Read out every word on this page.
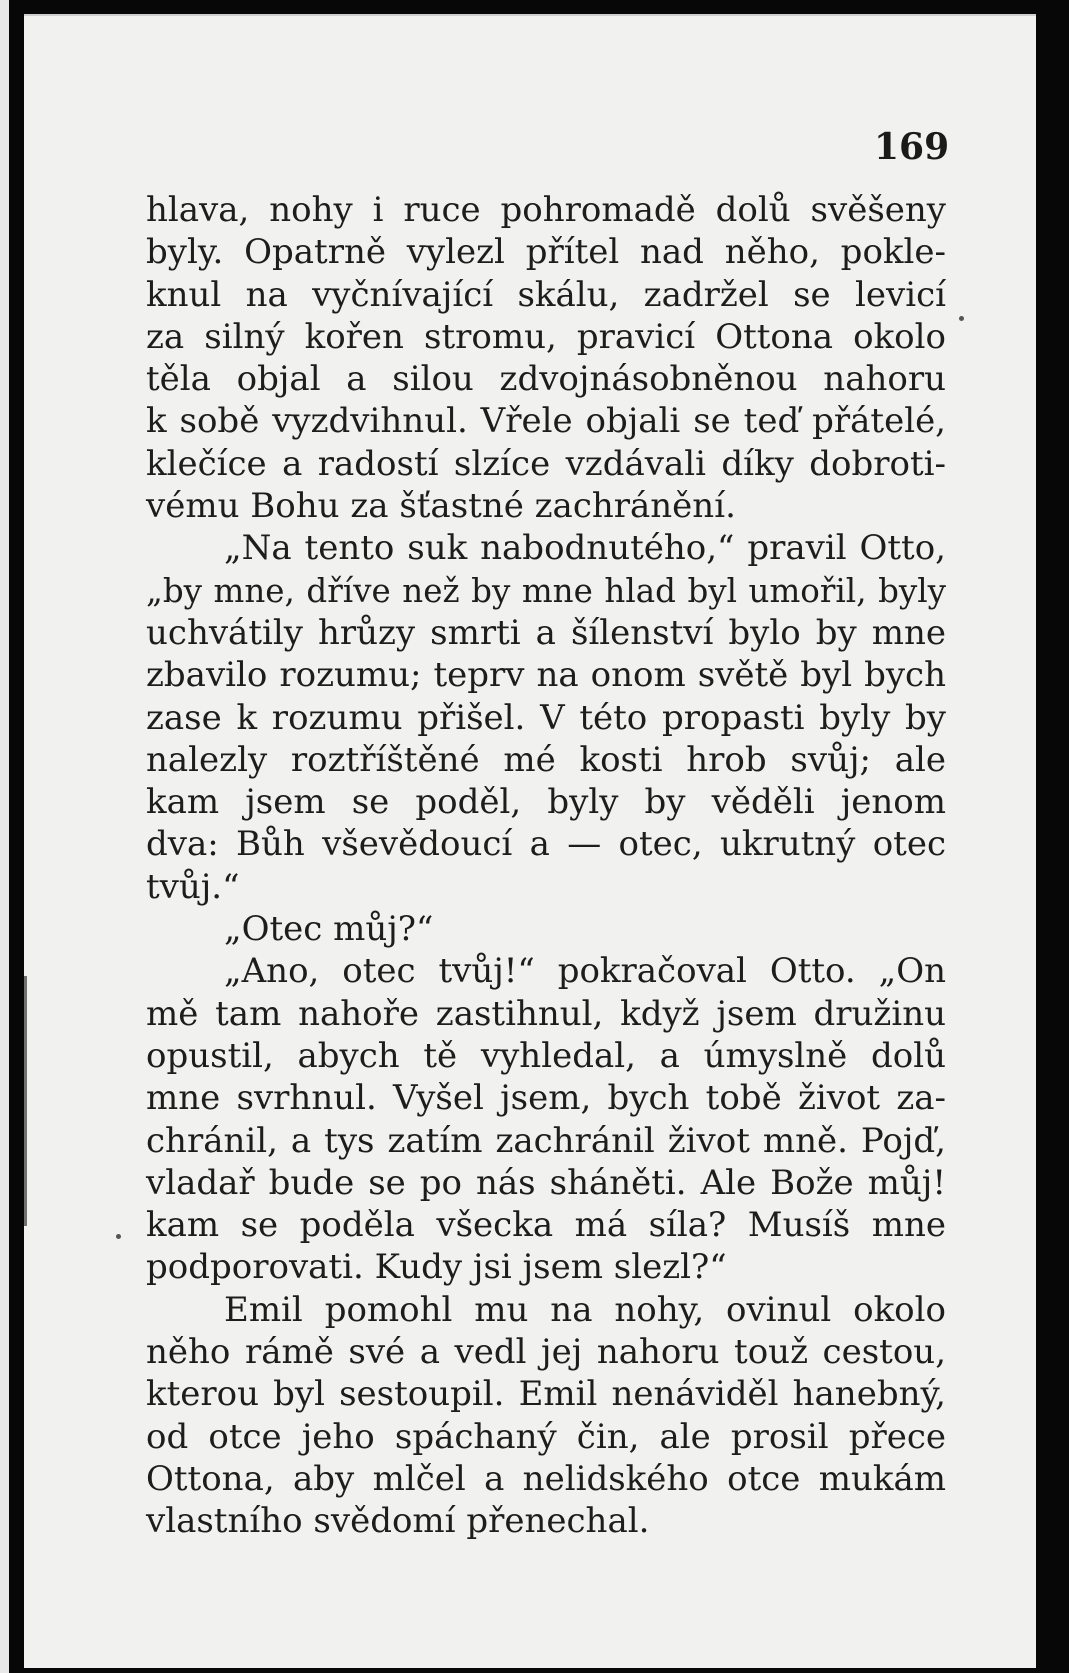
169

hlava, nohy i ruce pohromadě dolů svěšeny
byly. Opatrně vylezl přítel nad něho, pokle-
knul na vyčnívající skálu, zadržel se levicí
za silný kořen stromu, pravicí Ottona okolo
těla objal a silou zdvojnásobněnou nahoru
k sobě vyzdvihnul. Vřele objali se teď přátelé,
klečíce a radostí slzíce vzdávali díky dobroti-
vému Bohu za šťastné zachránění.
„Na tento suk nabodnutého,“ pravil Otto,
„by mne, dříve než by mne hlad byl umořil, byly
uchvátily hrůzy smrti a šílenství bylo by mne
zbavilo rozumu; teprv na onom světě byl bych
zase k rozumu přišel. V této propasti byly by
nalezly roztříštěné mé kosti hrob svůj; ale
kam jsem se poděl, byly by věděli jenom
dva: Bůh vševědoucí a — otec, ukrutný otec
tvůj.“
„Otec můj?“
„Ano, otec tvůj!“ pokračoval Otto. „On
mě tam nahoře zastihnul, když jsem družinu
opustil, abych tě vyhledal, a úmyslně dolů
mne svrhnul. Vyšel jsem, bych tobě život za-
chránil, a tys zatím zachránil život mně. Pojď,
vladař bude se po nás sháněti. Ale Bože můj!
kam se poděla všecka má síla? Musíš mne
podporovati. Kudy jsi jsem slezl?“
Emil pomohl mu na nohy, ovinul okolo
něho rámě své a vedl jej nahoru touž cestou,
kterou byl sestoupil. Emil nenáviděl hanebný,
od otce jeho spáchaný čin, ale prosil přece
Ottona, aby mlčel a nelidského otce mukám
vlastního svědomí přenechal.
